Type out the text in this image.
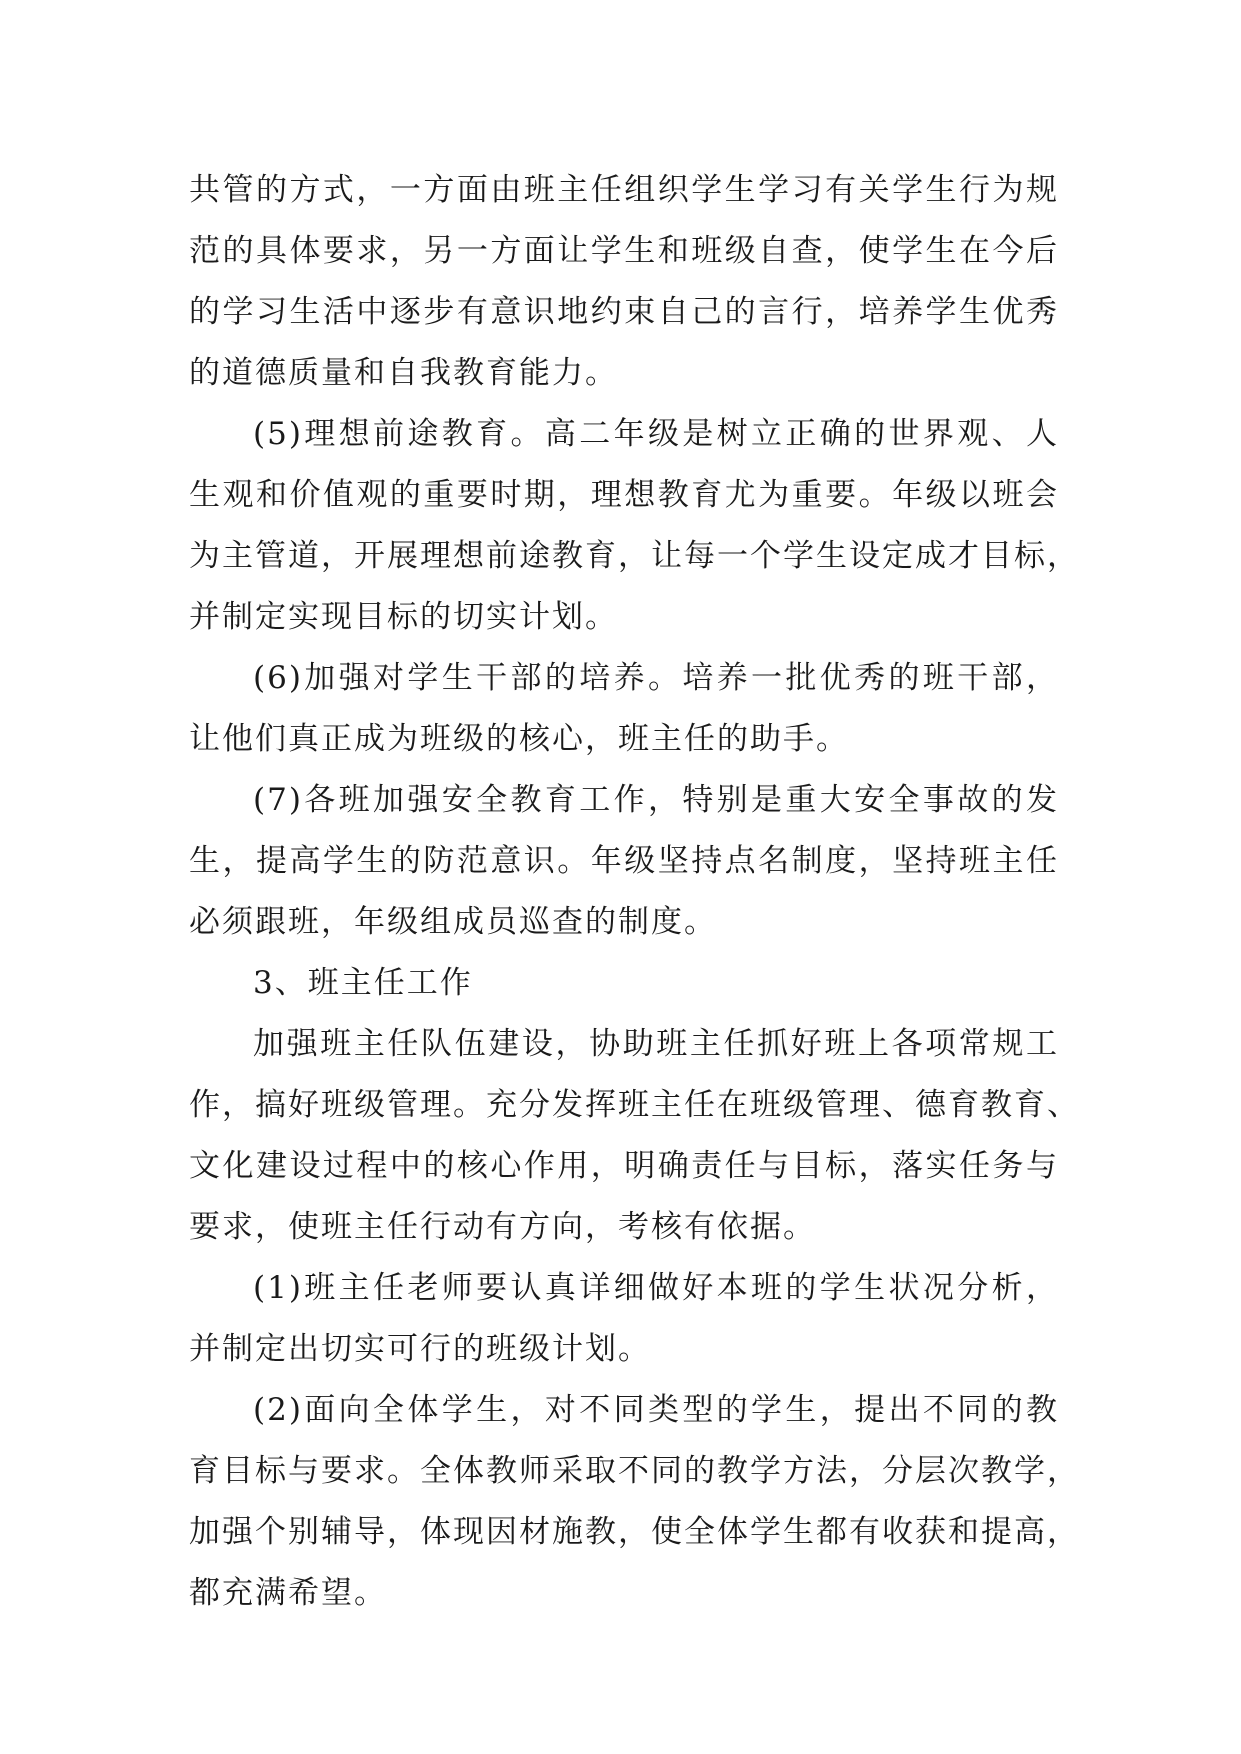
共管的方式，一方面由班主任组织学生学习有关学生行为规
范的具体要求，另一方面让学生和班级自查，使学生在今后
的学习生活中逐步有意识地约束自己的言行，培养学生优秀
的道德质量和自我教育能力。
(5)理想前途教育。高二年级是树立正确的世界观、人
生观和价值观的重要时期，理想教育尤为重要。年级以班会
为主管道，开展理想前途教育，让每一个学生设定成才目标，
并制定实现目标的切实计划。
(6)加强对学生干部的培养。培养一批优秀的班干部，
让他们真正成为班级的核心，班主任的助手。
(7)各班加强安全教育工作，特别是重大安全事故的发
生，提高学生的防范意识。年级坚持点名制度，坚持班主任
必须跟班，年级组成员巡查的制度。
3、班主任工作
加强班主任队伍建设，协助班主任抓好班上各项常规工
作，搞好班级管理。充分发挥班主任在班级管理、德育教育、
文化建设过程中的核心作用，明确责任与目标，落实任务与
要求，使班主任行动有方向，考核有依据。
(1)班主任老师要认真详细做好本班的学生状况分析，
并制定出切实可行的班级计划。
(2)面向全体学生，对不同类型的学生，提出不同的教
育目标与要求。全体教师采取不同的教学方法，分层次教学，
加强个别辅导，体现因材施教，使全体学生都有收获和提高，
都充满希望。
